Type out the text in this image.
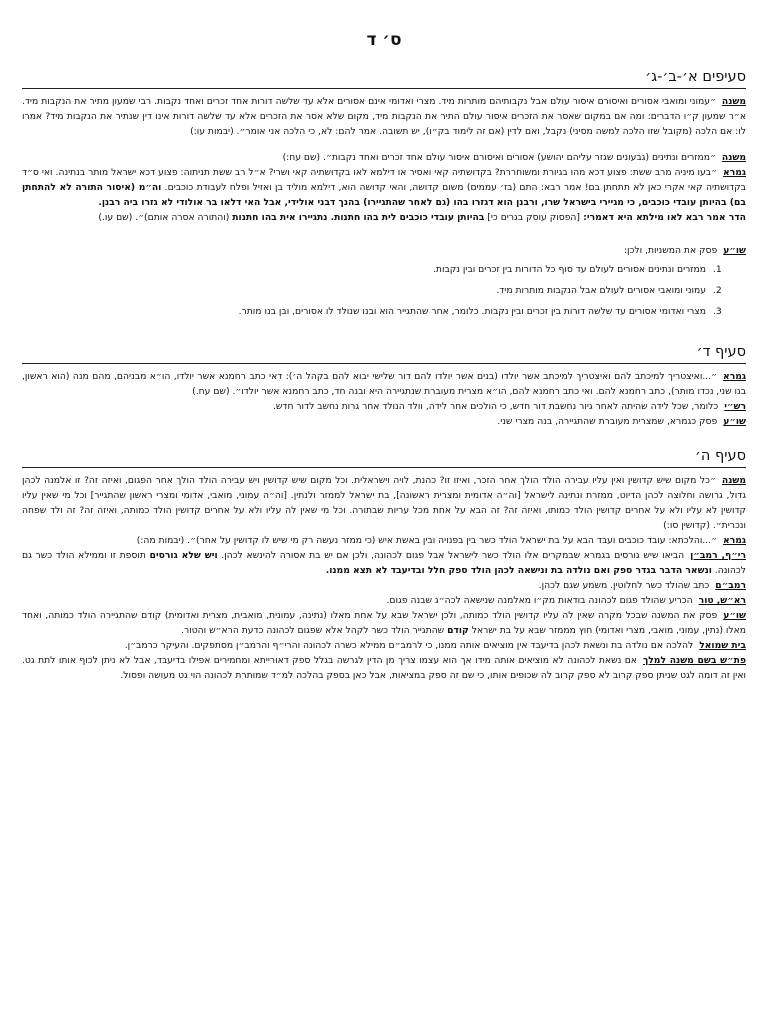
ס׳ ד
סעיפים א׳-ב׳-ג׳

משנה״עמוני ומואבי אסורים ואיסורם איסור עולם אבל נקבותיהם מותרות מיד. מצרי ואדומי אינם אסורים אלא עד שלשה דורות אחד זכרים ואחד נקבות. רבי שמעון מתיר את הנקבות מיד. א״ר שמעון ק״ו הדברים: ומה אם במקום שאסר את הזכרים איסור עולם התיר את הנקבות מיד, מקום שלא אסר את הזכרים אלא עד שלשה דורות אינו דין שנתיר את הנקבות מיד? אמרו לו: אם הלכה (מקובל שזו הלכה למשה מסיני) נקבל, ואם לדין (אם זה לימוד בק״ו), יש תשובה. אמר להם: לא, כי הלכה אני אומר״. (יבמות עו:)

משנה״ממזרים ונתינים (גבעונים שגזר עליהם יהושע) אסורים ואיסורם איסור עולם אחד זכרים ואחד נקבות״. (שם עח:)

גמרא״בעו מיניה מרב ששת: פצוע דכא מהו בגיורת ומשוחררת? בקדושתיה קאי ואסיר או דילמא לאו בקדושתיה קאי ושרי? א״ל רב ששת תניתוה: פצוע דכא ישראל מותר בנתינה. ואי ס״ד בקדושתיה קאי אקרי כאן לא תתחתן בם! אמר רבא: התם (בז׳ עממים) משום קדושה, והאי קדושה הוא, דילמא מוליד בן ואזיל ופלח לעבודת כוכבים. וה״מ (איסור התורה לא להתחתן בם) בהיותן עובדי כוכבים, כי מגיירי בישראל שרו, ורבנן הוא דגזרו בהו (גם לאחר שהתגיירו) בהנך דבני אולידי, אבל האי דלאו בר אולודי לא גזרו ביה רבנן.

הדר אמר רבא לאו מילתא היא דאמרי: [הפסוק עוסק בגרים כי] בהיותן עובדי כוכבים לית בהו חתנות. נתגיירו אית בהו חתנות (והתורה אסרה אותם)״. (שם עו.)

שו״עפסק את המשניות, ולכן:

1. ממזרים ונתינים אסורים לעולם עד סוף כל הדורות בין זכרים ובין נקבות.
2. עמוני ומואבי אסורים לעולם אבל הנקבות מותרות מיד.
3. מצרי ואדומי אסורים עד שלשה דורות בין זכרים ובין נקבות. כלומר, אחר שהתגייר הוא ובנו שנולד לו אסורים, ובן בנו מותר.
סעיף ד׳

גמרא״...ואיצטריך למיכתב להם ואיצטריך למיכתב אשר יולדו (בנים אשר יולדו להם דור שלישי יבוא להם בקהל ה׳): דאי כתב רחמנא אשר יולדו, הו״א מבניהם, מהם מנה (הוא ראשון, בנו שני, נכדו מותר), כתב רחמנא להם. ואי כתב רחמנא להם, הו״א מצרית מעוברת שנתגיירה היא ובנה חד, כתב רחמנא אשר יולדו״. (שם עח.)

רש״יכלומר, שכל לידה שהיתה לאחר גיור נחשבת דור חדש, כי הולכים אחר לידה, וולד הנולד אחר גרות נחשב לדור חדש.

שו״עפסק כגמרא, שמצרית מעוברת שהתגיירה, בנה מצרי שני.

סעיף ה׳

משנה״כל מקום שיש קדושין ואין עליו עבירה הולד הולך אחר הזכר, ואיזו זו? כהנת, לויה וישראלית. וכל מקום שיש קדושין ויש עבירה הולד הולך אחר הפגום, ואיזה זה? זו אלמנה לכהן גדול, גרושה וחלוצה לכהן הדיוט, ממזרת ונתינה לישראל [וה״ה אדומית ומצרית ראשונה], בת ישראל לממזר ולנתין. [וה״ה עמוני, מואבי, אדומי ומצרי ראשון שהתגייר] וכל מי שאין עליו קדושין לא עליו ולא על אחרים קדושין הולד כמותו, ואיזה זה? זה הבא על אחת מכל עריות שבתורה. וכל מי שאין לה עליו ולא על אחרים קדושין הולד כמותה, ואיזה זה? זה ולד שפחה ונכרית״. (קדושין סו:)

גמרא״...והלכתא: עובד כוכבים ועבד הבא על בת ישראל הולד כשר בין בפנויה ובין באשת איש (כי ממזר נעשה רק מי שיש לו קדושין על אחר)״. (יבמות מה:)

רי״ף, רמב״ןהביאו שיש גורסים בגמרא שבמקרים אלו הולד כשר לישראל אבל פגום לכהונה, ולכן אם יש בת אסורה להינשא לכהן. ויש שלא גורסים תוספת זו וממילא הולד כשר גם לכהונה. ונשאר הדבר בגדר ספק ואם נולדה בת ונישאה לכהן הולד ספק חלל ובדיעבד לא תצא ממנו.

רמב״םכתב שהולד כשר לחלוטין. משמע שגם לכהן.

רא״ש, טורהכריע שהולד פגום לכהונה בודאות מק״ו מאלמנה שנישאה לכה״ג שבנה פגום.

שו״עפסק את המשנה שבכל מקרה שאין לה עליו קדושין הולד כמותה, ולכן ישראל שבא על אחת מאלו (נתינה, עמונית, מואבית, מצרית ואדומית) קודם שהתגיירה הולד כמותה, ואחד מאלו (נתין, עמוני, מואבי, מצרי ואדומי) חוץ מממזר שבא על בת ישראל קודם שהתגייר הולד כשר לקהל אלא שפגום לכהונה כדעת הרא״ש והטור.

בית שמואללהלכה אם נולדה בת ונשאת לכהן בדיעבד אין מוציאים אותה ממנו, כי לרמב״ם ממילא כשרה לכהונה והרי״ף והרמב״ן מסתפקים. והעיקר כרמב״ן.

פת״ש בשם משנה למלךאם נשאת לכהונה לא מוציאים אותה מידו אך הוא עצמו צריך מן הדין לגרשה בגלל ספק דאורייתא ומחמירים אפילו בדיעבד, אבל לא ניתן לכוף אותו לתת גט. ואין זה דומה לגט שניתן ספק קרוב לא ספק קרוב לה שכופים אותו, כי שם זה ספק במציאות, אבל כאן בספק בהלכה למ״ד שמותרת לכהונה הוי גט מעושה ופסול.
